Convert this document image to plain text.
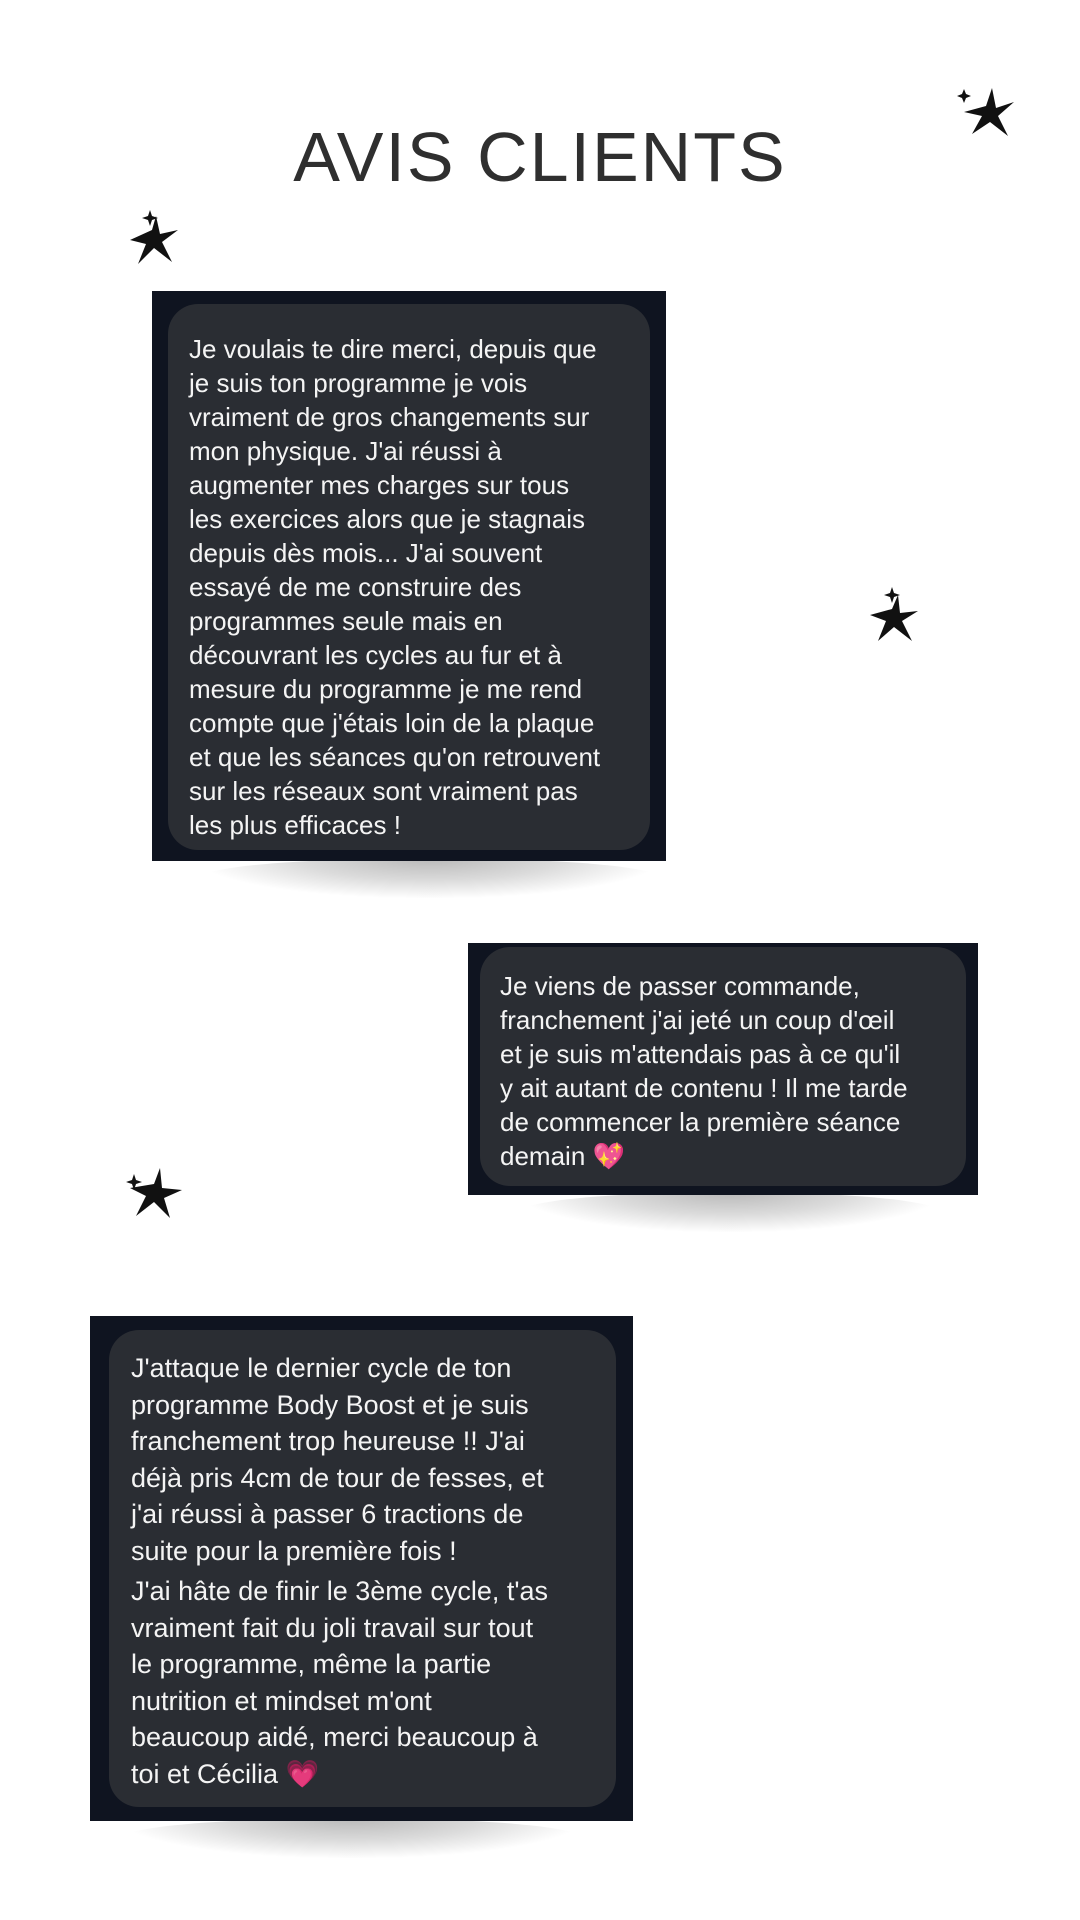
AVIS CLIENTS
Je voulais te dire merci, depuis que
je suis ton programme je vois
vraiment de gros changements sur
mon physique. J'ai réussi à
augmenter mes charges sur tous
les exercices alors que je stagnais
depuis dès mois... J'ai souvent
essayé de me construire des
programmes seule mais en
découvrant les cycles au fur et à
mesure du programme je me rend
compte que j'étais loin de la plaque
et que les séances qu'on retrouvent
sur les réseaux sont vraiment pas
les plus efficaces !
Je viens de passer commande,
franchement j'ai jeté un coup d'œil
et je suis m'attendais pas à ce qu'il
y ait autant de contenu ! Il me tarde
de commencer la première séance
demain 💖
J'attaque le dernier cycle de ton
programme Body Boost et je suis
franchement trop heureuse !! J'ai
déjà pris 4cm de tour de fesses, et
j'ai réussi à passer 6 tractions de
suite pour la première fois !
J'ai hâte de finir le 3ème cycle, t'as
vraiment fait du joli travail sur tout
le programme, même la partie
nutrition et mindset m'ont
beaucoup aidé, merci beaucoup à
toi et Cécilia 💗
